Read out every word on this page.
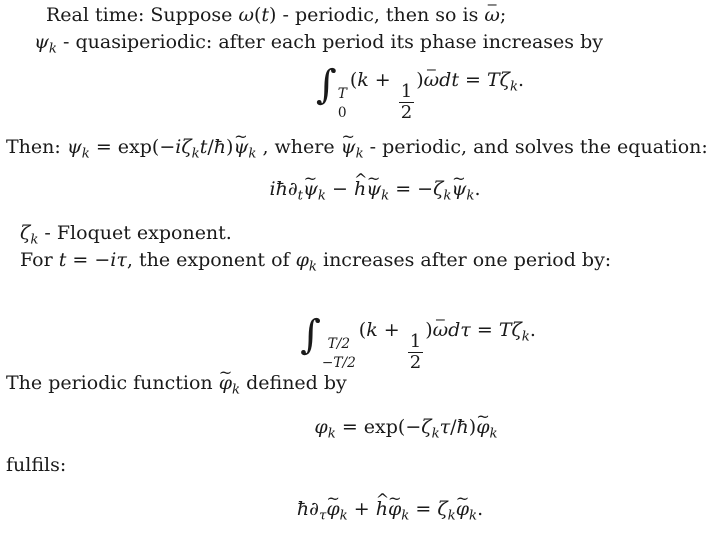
Real time: Suppose ω(t) - periodic, then so is ‒ ω;
$\psi_k$ - quasiperiodic: after each period its phase increases by
∫ T
0
(k +
$\frac{1}{2}$
)‒ $\omega dt = T\zeta_k$.
Then: $\psi_k$ = $\exp(-i\zeta_kt/ħ)\sim$ $\psi_k$ , where ~ $\psi_k$ - periodic, and solves the equation:
$iħ\partial_t\sim$ $\psi_k$ − ^ h~ $\psi_k$ = $-\zeta_k\sim$ $\psi_k$.
$\zeta_k$ - Floquet exponent.
For t = −iτ, the exponent of $\varphi_k$ increases after one period by:
∫ T/2
−T/2
(k +
$\frac{1}{2}$
)‒ $\omega d\tau = T\zeta_k$.
The periodic function ~ $\varphi_k$ defined by
$\varphi_k$ = $\exp(-\zeta_k\tau/ħ)\sim$ $\varphi_k$
fulfils:
$ħ\partial_\tau\sim$ $\varphi_k$ + ^ h~ $\varphi_k$ = $\zeta_k\sim$ $\varphi_k$.
